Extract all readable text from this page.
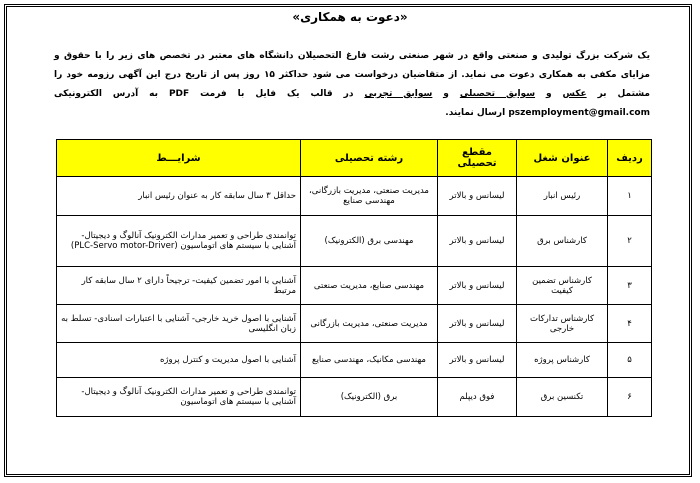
«دعوت به همکاری»
یک شرکت بزرگ تولیدی و صنعتی واقع در شهر صنعتی رشت فارغ التحصیلان دانشگاه های معتبر در تخصص های زیر را با حقوق و مزایای مکفی به همکاری دعوت می نماید. از متقاضیان درخواست می شود حداکثر ۱۵ روز پس از تاریخ درج این آگهی رزومه خود را مشتمل بر عکس و سوابق تحصیلی و سوابق تجربی در قالب یک فایل با فرمت PDF به آدرس الکترونیکی pszemployment@gmail.com ارسال نمایند.
ردیف	عنوان شغل	مقطع تحصیلی	رشته تحصیلی	شرایـــط
۱	رئیس انبار	لیسانس و بالاتر	مدیریت صنعتی، مدیریت بازرگانی، مهندسی صنایع	حداقل ۳ سال سابقه کار به عنوان رئیس انبار
۲	کارشناس برق	لیسانس و بالاتر	مهندسی برق (الکترونیک)	توانمندی طراحی و تعمیر مدارات الکترونیک آنالوگ و دیجیتال- آشنایی با سیستم های اتوماسیون (PLC-Servo motor-Driver)
۳	کارشناس تضمین کیفیت	لیسانس و بالاتر	مهندسی صنایع، مدیریت صنعتی	آشنایی با امور تضمین کیفیت- ترجیحاً دارای ۲ سال سابقه کار مرتبط
۴	کارشناس تدارکات خارجی	لیسانس و بالاتر	مدیریت صنعتی، مدیریت بازرگانی	آشنایی با اصول خرید خارجی- آشنایی با اعتبارات اسنادی- تسلط به زبان انگلیسی
۵	کارشناس پروژه	لیسانس و بالاتر	مهندسی مکانیک، مهندسی صنایع	آشنایی با اصول مدیریت و کنترل پروژه
۶	تکنسین برق	فوق دیپلم	برق (الکترونیک)	توانمندی طراحی و تعمیر مدارات الکترونیک آنالوگ و دیجیتال- آشنایی با سیستم های اتوماسیون
